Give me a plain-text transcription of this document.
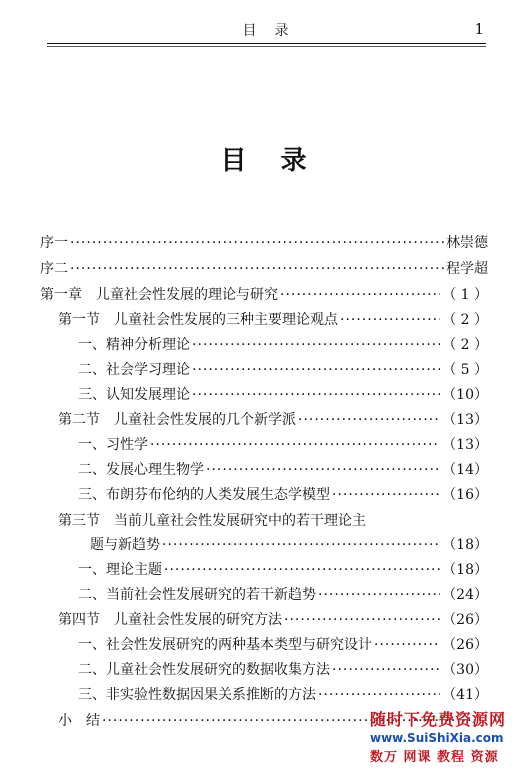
目　录	1
目　录
序一 ·····	林崇德
序二 ·····	程学超
第一章　儿童社会性发展的理论与研究 ·····	（ 1 ）
第一节　儿童社会性发展的三种主要理论观点 ·····	（ 2 ）
一、精神分析理论 ·····	（ 2 ）
二、社会学习理论 ·····	（ 5 ）
三、认知发展理论 ·····	（10）
第二节　儿童社会性发展的几个新学派 ·····	（13）
一、习性学 ·····	（13）
二、发展心理生物学 ·····	（14）
三、布朗芬布伦纳的人类发展生态学模型 ·····	（16）
第三节　当前儿童社会性发展研究中的若干理论主
题与新趋势 ·····	（18）
一、理论主题 ·····	（18）
二、当前社会性发展研究的若干新趋势 ·····	（24）
第四节　儿童社会性发展的研究方法 ·····	（26）
一、社会性发展研究的两种基本类型与研究设计 ·····	（26）
二、儿童社会性发展研究的数据收集方法 ·····	（30）
三、非实验性数据因果关系推断的方法 ·····	（41）
小　结 ·····	随时下免费资源网
www.SuiShiXia.com
数万 网课 教程 资源
